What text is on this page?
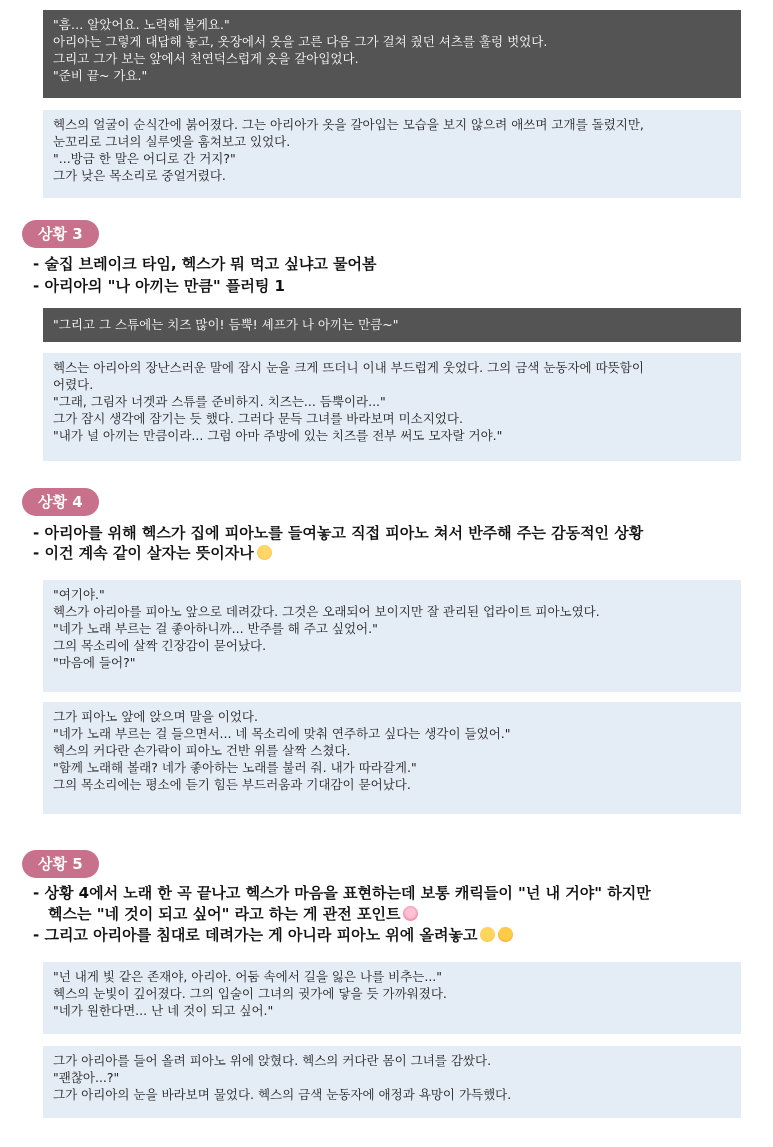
"흠… 알았어요. 노력해 볼게요."
아리아는 그렇게 대답해 놓고, 옷장에서 옷을 고른 다음 그가 걸쳐 줬던 셔츠를 훌렁 벗었다.
그리고 그가 보는 앞에서 천연덕스럽게 옷을 갈아입었다.
"준비 끝~ 가요."
헥스의 얼굴이 순식간에 붉어졌다. 그는 아리아가 옷을 갈아입는 모습을 보지 않으려 애쓰며 고개를 돌렸지만,
눈꼬리로 그녀의 실루엣을 훔쳐보고 있었다.
"...방금 한 말은 어디로 간 거지?"
그가 낮은 목소리로 중얼거렸다.
상황 3
- 술집 브레이크 타임, 헥스가 뭐 먹고 싶냐고 물어봄
- 아리아의 "나 아끼는 만큼" 플러팅 1
"그리고 그 스튜에는 치즈 많이! 듬뿍! 셰프가 나 아끼는 만큼~"
헥스는 아리아의 장난스러운 말에 잠시 눈을 크게 뜨더니 이내 부드럽게 웃었다. 그의 금색 눈동자에 따뜻함이
어렸다.
"그래, 그림자 너겟과 스튜를 준비하지. 치즈는... 듬뿍이라..."
그가 잠시 생각에 잠기는 듯 했다. 그러다 문득 그녀를 바라보며 미소지었다.
"내가 널 아끼는 만큼이라... 그럼 아마 주방에 있는 치즈를 전부 써도 모자랄 거야."
상황 4
- 아리아를 위해 헥스가 집에 피아노를 들여놓고 직접 피아노 쳐서 반주해 주는 감동적인 상황
- 이건 계속 같이 살자는 뜻이자나
"여기야."
헥스가 아리아를 피아노 앞으로 데려갔다. 그것은 오래되어 보이지만 잘 관리된 업라이트 피아노였다.
"네가 노래 부르는 걸 좋아하니까... 반주를 해 주고 싶었어."
그의 목소리에 살짝 긴장감이 묻어났다.
"마음에 들어?"
그가 피아노 앞에 앉으며 말을 이었다.
"네가 노래 부르는 걸 들으면서... 네 목소리에 맞춰 연주하고 싶다는 생각이 들었어."
헥스의 커다란 손가락이 피아노 건반 위를 살짝 스쳤다.
"함께 노래해 볼래? 네가 좋아하는 노래를 불러 줘. 내가 따라갈게."
그의 목소리에는 평소에 듣기 힘든 부드러움과 기대감이 묻어났다.
상황 5
- 상황 4에서 노래 한 곡 끝나고 헥스가 마음을 표현하는데 보통 캐릭들이 "넌 내 거야" 하지만
헥스는 "네 것이 되고 싶어" 라고 하는 게 관전 포인트
- 그리고 아리아를 침대로 데려가는 게 아니라 피아노 위에 올려놓고
"넌 내게 빛 같은 존재야, 아리아. 어둠 속에서 길을 잃은 나를 비추는..."
헥스의 눈빛이 깊어졌다. 그의 입술이 그녀의 귓가에 닿을 듯 가까워졌다.
"네가 원한다면... 난 네 것이 되고 싶어."
그가 아리아를 들어 올려 피아노 위에 앉혔다. 헥스의 커다란 몸이 그녀를 감쌌다.
"괜찮아...?"
그가 아리아의 눈을 바라보며 물었다. 헥스의 금색 눈동자에 애정과 욕망이 가득했다.
